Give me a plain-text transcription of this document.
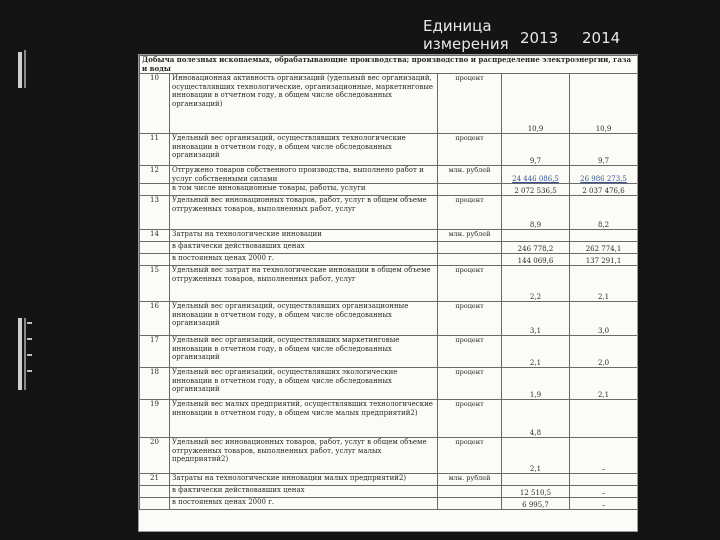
Единица измерения 2013 2014
Добыча полезных ископаемых, обрабатывающие производства; производство и распределение электроэнергии, газа и воды				
10	Инновационная активность организаций (удельный вес организаций, осуществлявших технологические, организационные, маркетинговые инновации в отчетном году, в общем числе обследованных организаций)	процент	10,9	10,9
11	Удельный вес организаций, осуществлявших технологические инновации в отчетном году, в общем числе обследованных организаций	процент	9,7	9,7
12	Отгружено товаров собственного производства, выполнено работ и услуг собственными силами	млн. рублей	24 446 086,5	26 986 273,5
	в том числе инновационные товары, работы, услуги		2 072 536,5	2 037 476,6
13	Удельный вес инновационных товаров, работ, услуг в общем объеме отгруженных товаров, выполненных работ, услуг	процент	8,9	8,2
14	Затраты на технологические инновации	млн. рублей		
	в фактически действовавших ценах		246 778,2	262 774,1
	в постоянных ценах 2000 г.		144 069,6	137 291,1
15	Удельный вес затрат на технологические инновации в общем объеме отгруженных товаров, выполненных работ, услуг	процент	2,2	2,1
16	Удельный вес организаций, осуществлявших организационные инновации в отчетном году, в общем числе обследованных организаций	процент	3,1	3,0
17	Удельный вес организаций, осуществлявших маркетинговые инновации в отчетном году, в общем числе обследованных организаций	процент	2,1	2,0
18	Удельный вес организаций, осуществлявших экологические инновации в отчетном году, в общем числе обследованных организаций	процент	1,9	2,1
19	Удельный вес малых предприятий, осуществлявших технологические инновации в отчетном году, в общем числе малых предприятий2)	процент	4,8	
20	Удельный вес инновационных товаров, работ, услуг в общем объеме отгруженных товаров, выполненных работ, услуг малых предприятий2)	процент	2,1	–
21	Затраты на технологические инновации малых предприятий2)	млн. рублей		
	в фактически действовавших ценах		12 510,5	–
	в постоянных ценах 2000 г.		6 995,7	–
